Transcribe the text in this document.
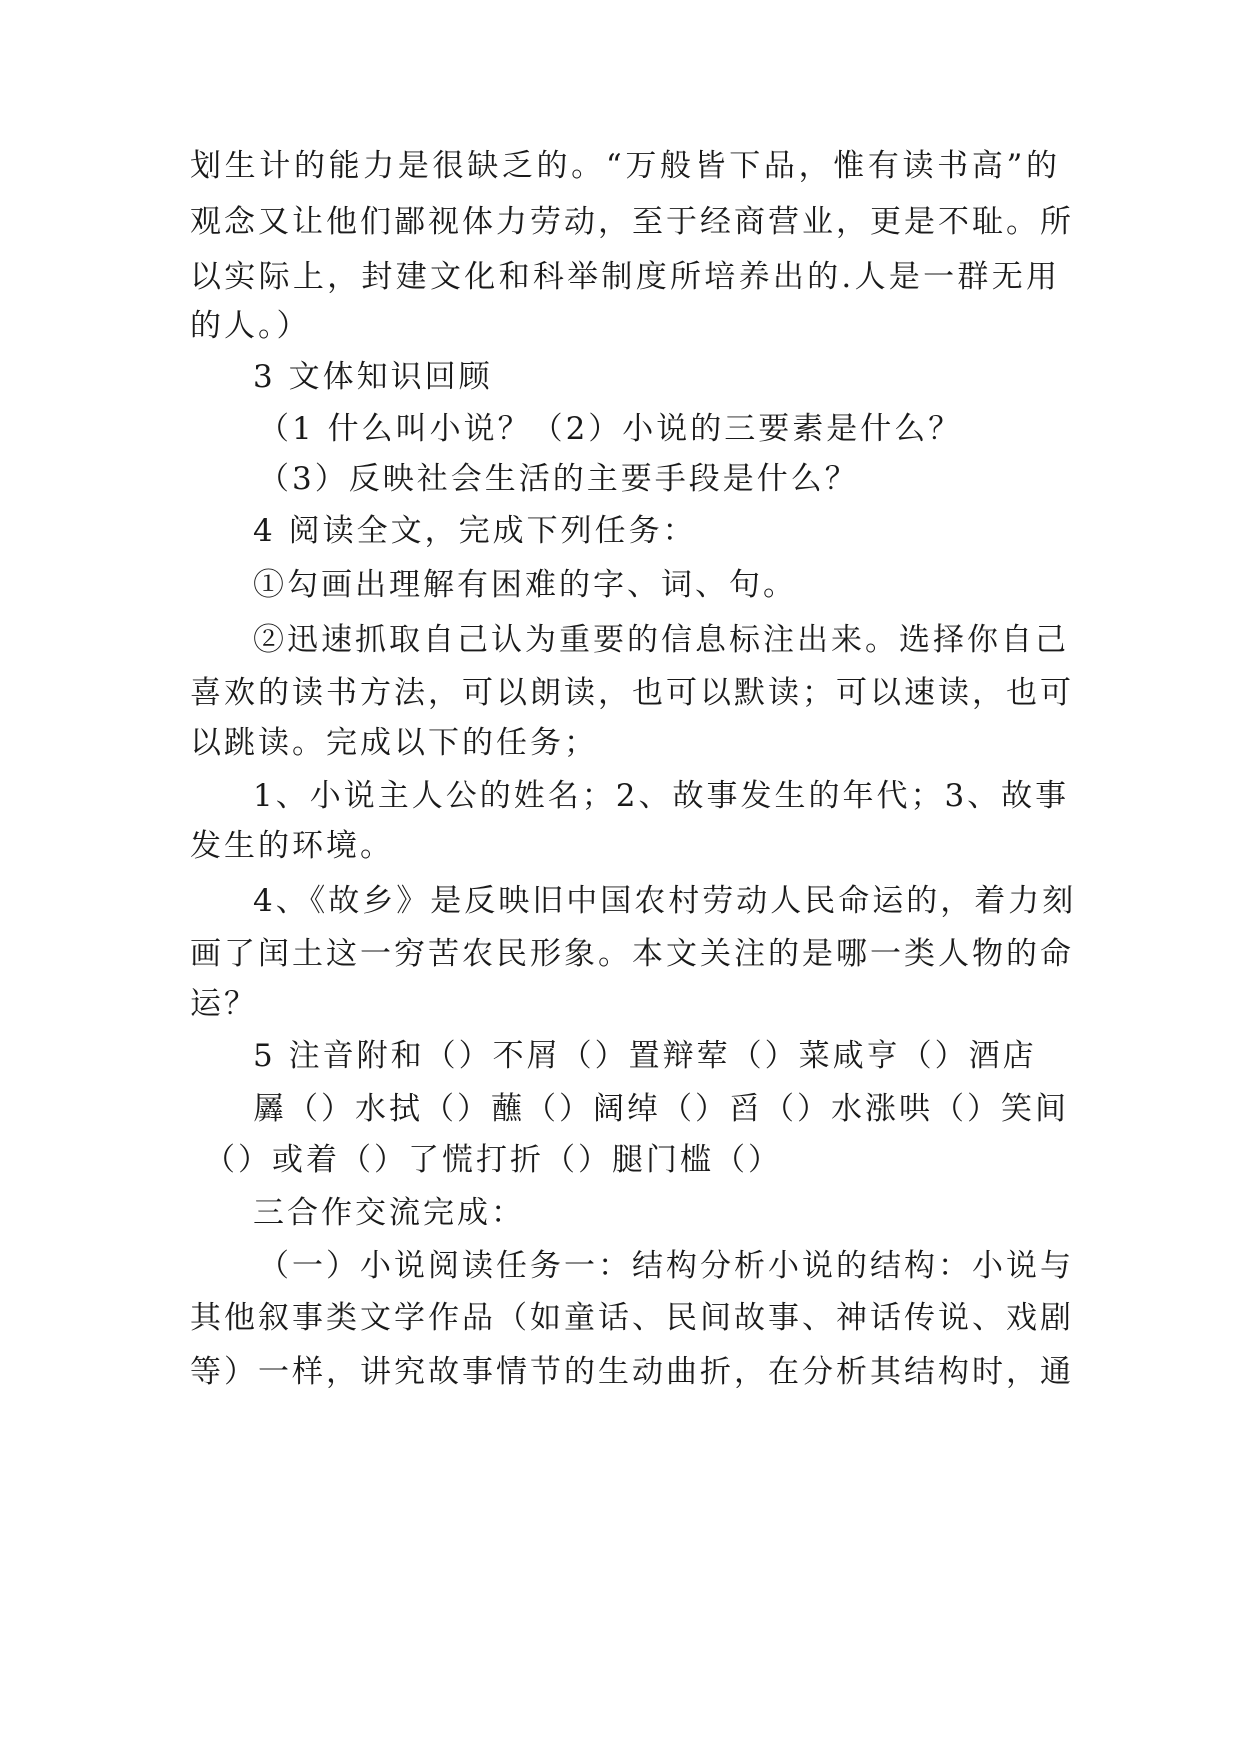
划生计的能力是很缺乏的。“万般皆下品，惟有读书高”的
观念又让他们鄙视体力劳动，至于经商营业，更是不耻。所
以实际上，封建文化和科举制度所培养出的.人是一群无用
的人。）
3 文体知识回顾
（1 什么叫小说？（2）小说的三要素是什么？
（3）反映社会生活的主要手段是什么？
4 阅读全文，完成下列任务：
①勾画出理解有困难的字、词、句。
②迅速抓取自己认为重要的信息标注出来。选择你自己
喜欢的读书方法，可以朗读，也可以默读；可以速读，也可
以跳读。完成以下的任务；
1、小说主人公的姓名；2、故事发生的年代；3、故事
发生的环境。
4、《故乡》是反映旧中国农村劳动人民命运的，着力刻
画了闰土这一穷苦农民形象。本文关注的是哪一类人物的命
运？
5 注音附和（）不屑（）置辩荤（）菜咸亨（）酒店
羼（）水拭（）蘸（）阔绰（）舀（）水涨哄（）笑间
（）或着（）了慌打折（）腿门槛（）
三合作交流完成：
（一）小说阅读任务一：结构分析小说的结构：小说与
其他叙事类文学作品（如童话、民间故事、神话传说、戏剧
等）一样，讲究故事情节的生动曲折，在分析其结构时，通
